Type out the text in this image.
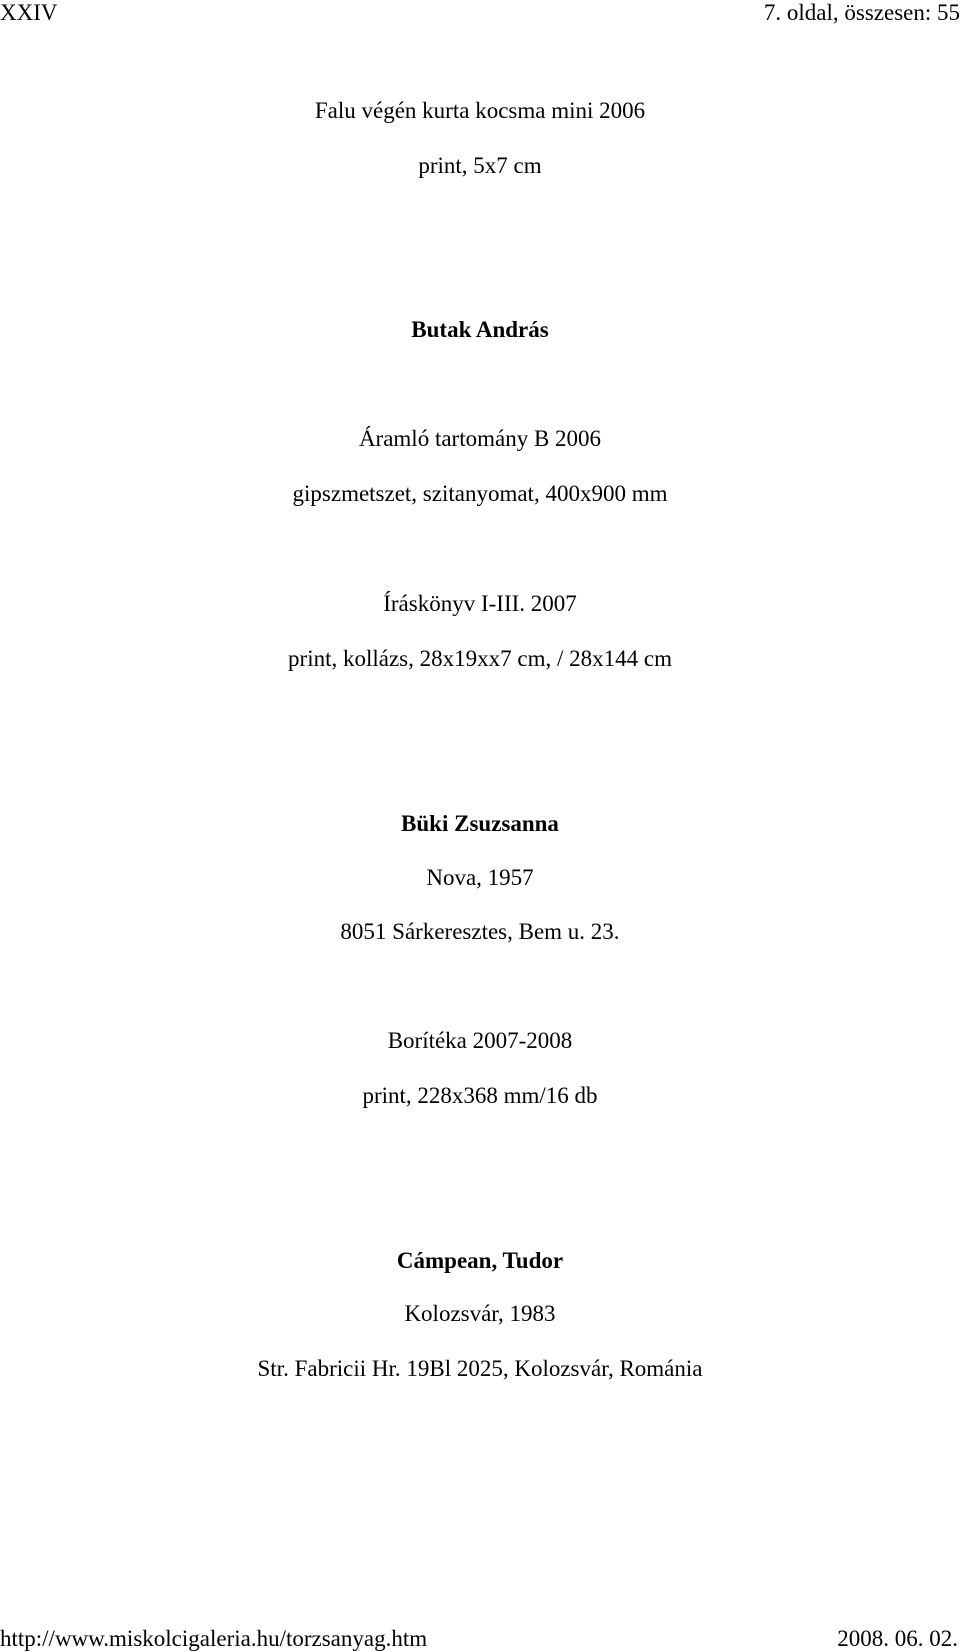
XXIV	7. oldal, összesen: 55
Falu végén kurta kocsma mini 2006
print, 5x7 cm
Butak András
Áramló tartomány B 2006
gipszmetszet, szitanyomat, 400x900 mm
Íráskönyv I-III. 2007
print, kollázs, 28x19xx7 cm, / 28x144 cm
Büki Zsuzsanna
Nova, 1957
8051 Sárkeresztes, Bem u. 23.
Borítéka 2007-2008
print, 228x368 mm/16 db
Cámpean, Tudor
Kolozsvár, 1983
Str. Fabricii Hr. 19Bl 2025, Kolozsvár, Románia
http://www.miskolcigaleria.hu/torzsanyag.htm	2008. 06. 02.
